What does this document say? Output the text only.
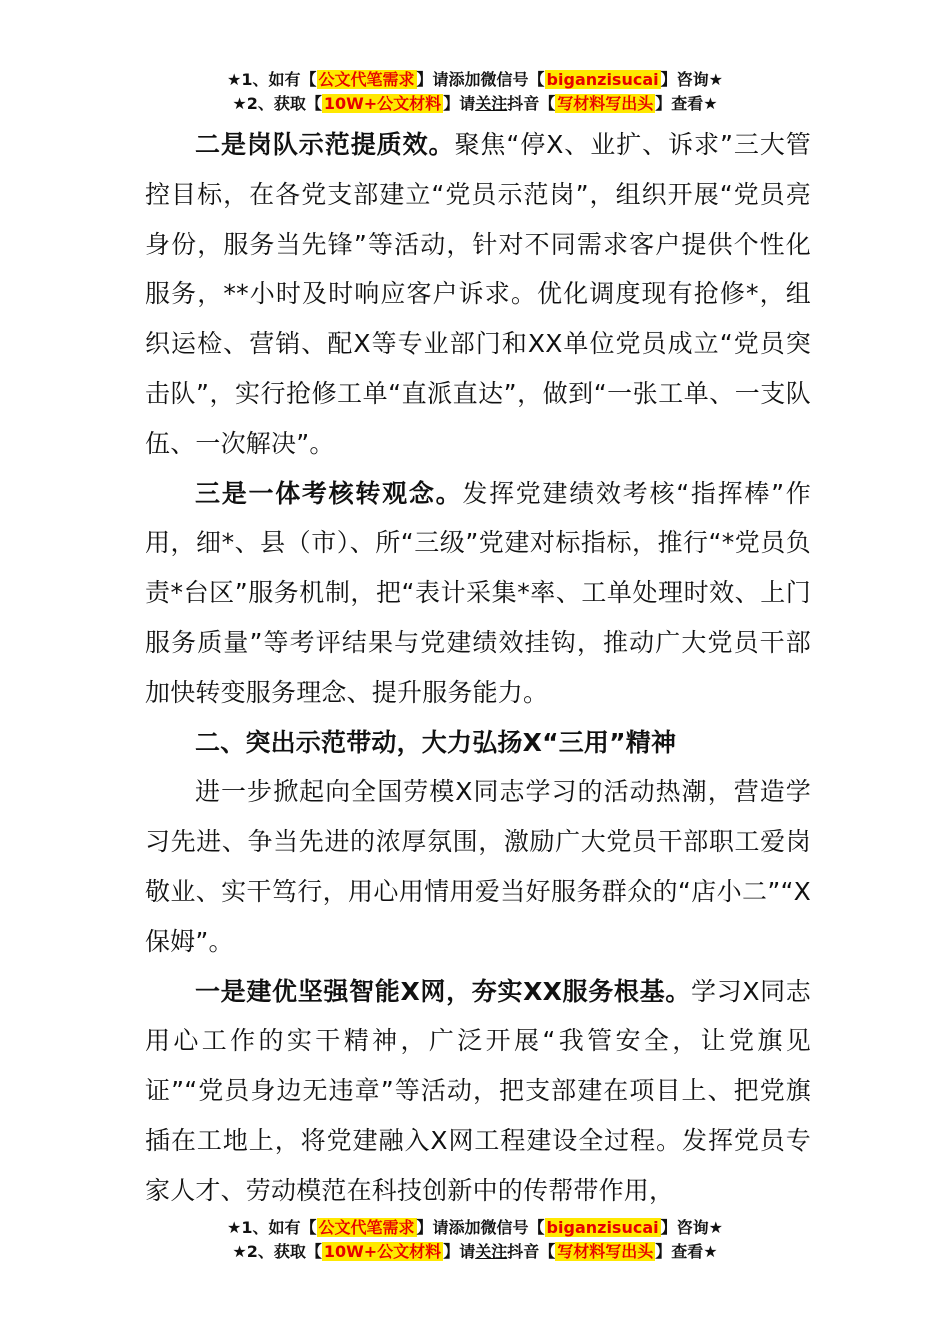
★1、如有【 公文代笔需求 】请添加微信号【 biganzisucai 】咨询★
★2、获取【 10W+公文材料 】请关注抖音【 写材料写出头 】查看★

二是岗队示范提质效。聚焦“停X、业扩、诉求”三大管控目标，在各党支部建立“党员示范岗”，组织开展“党员亮身份，服务当先锋”等活动，针对不同需求客户提供个性化服务，**小时及时响应客户诉求。优化调度现有抢修*，组织运检、营销、配X等专业部门和XX单位党员成立“党员突击队”，实行抢修工单“直派直达”，做到“一张工单、一支队伍、一次解决”。

三是一体考核转观念。发挥党建绩效考核“指挥棒”作用，细*、县（市）、所“三级”党建对标指标，推行“*党员负责*台区”服务机制，把“表计采集*率、工单处理时效、上门服务质量”等考评结果与党建绩效挂钩，推动广大党员干部加快转变服务理念、提升服务能力。

二、突出示范带动，大力弘扬X“三用”精神

进一步掀起向全国劳模X同志学习的活动热潮，营造学习先进、争当先进的浓厚氛围，激励广大党员干部职工爱岗敬业、实干笃行，用心用情用爱当好服务群众的“店小二”“X保姆”。

一是建优坚强智能X网，夯实XX服务根基。学习X同志用心工作的实干精神，广泛开展“我管安全，让党旗见证”“党员身边无违章”等活动，把支部建在项目上、把党旗插在工地上，将党建融入X网工程建设全过程。发挥党员专家人才、劳动模范在科技创新中的传帮带作用，

★1、如有【 公文代笔需求 】请添加微信号【 biganzisucai 】咨询★
★2、获取【 10W+公文材料 】请关注抖音【 写材料写出头 】查看★
